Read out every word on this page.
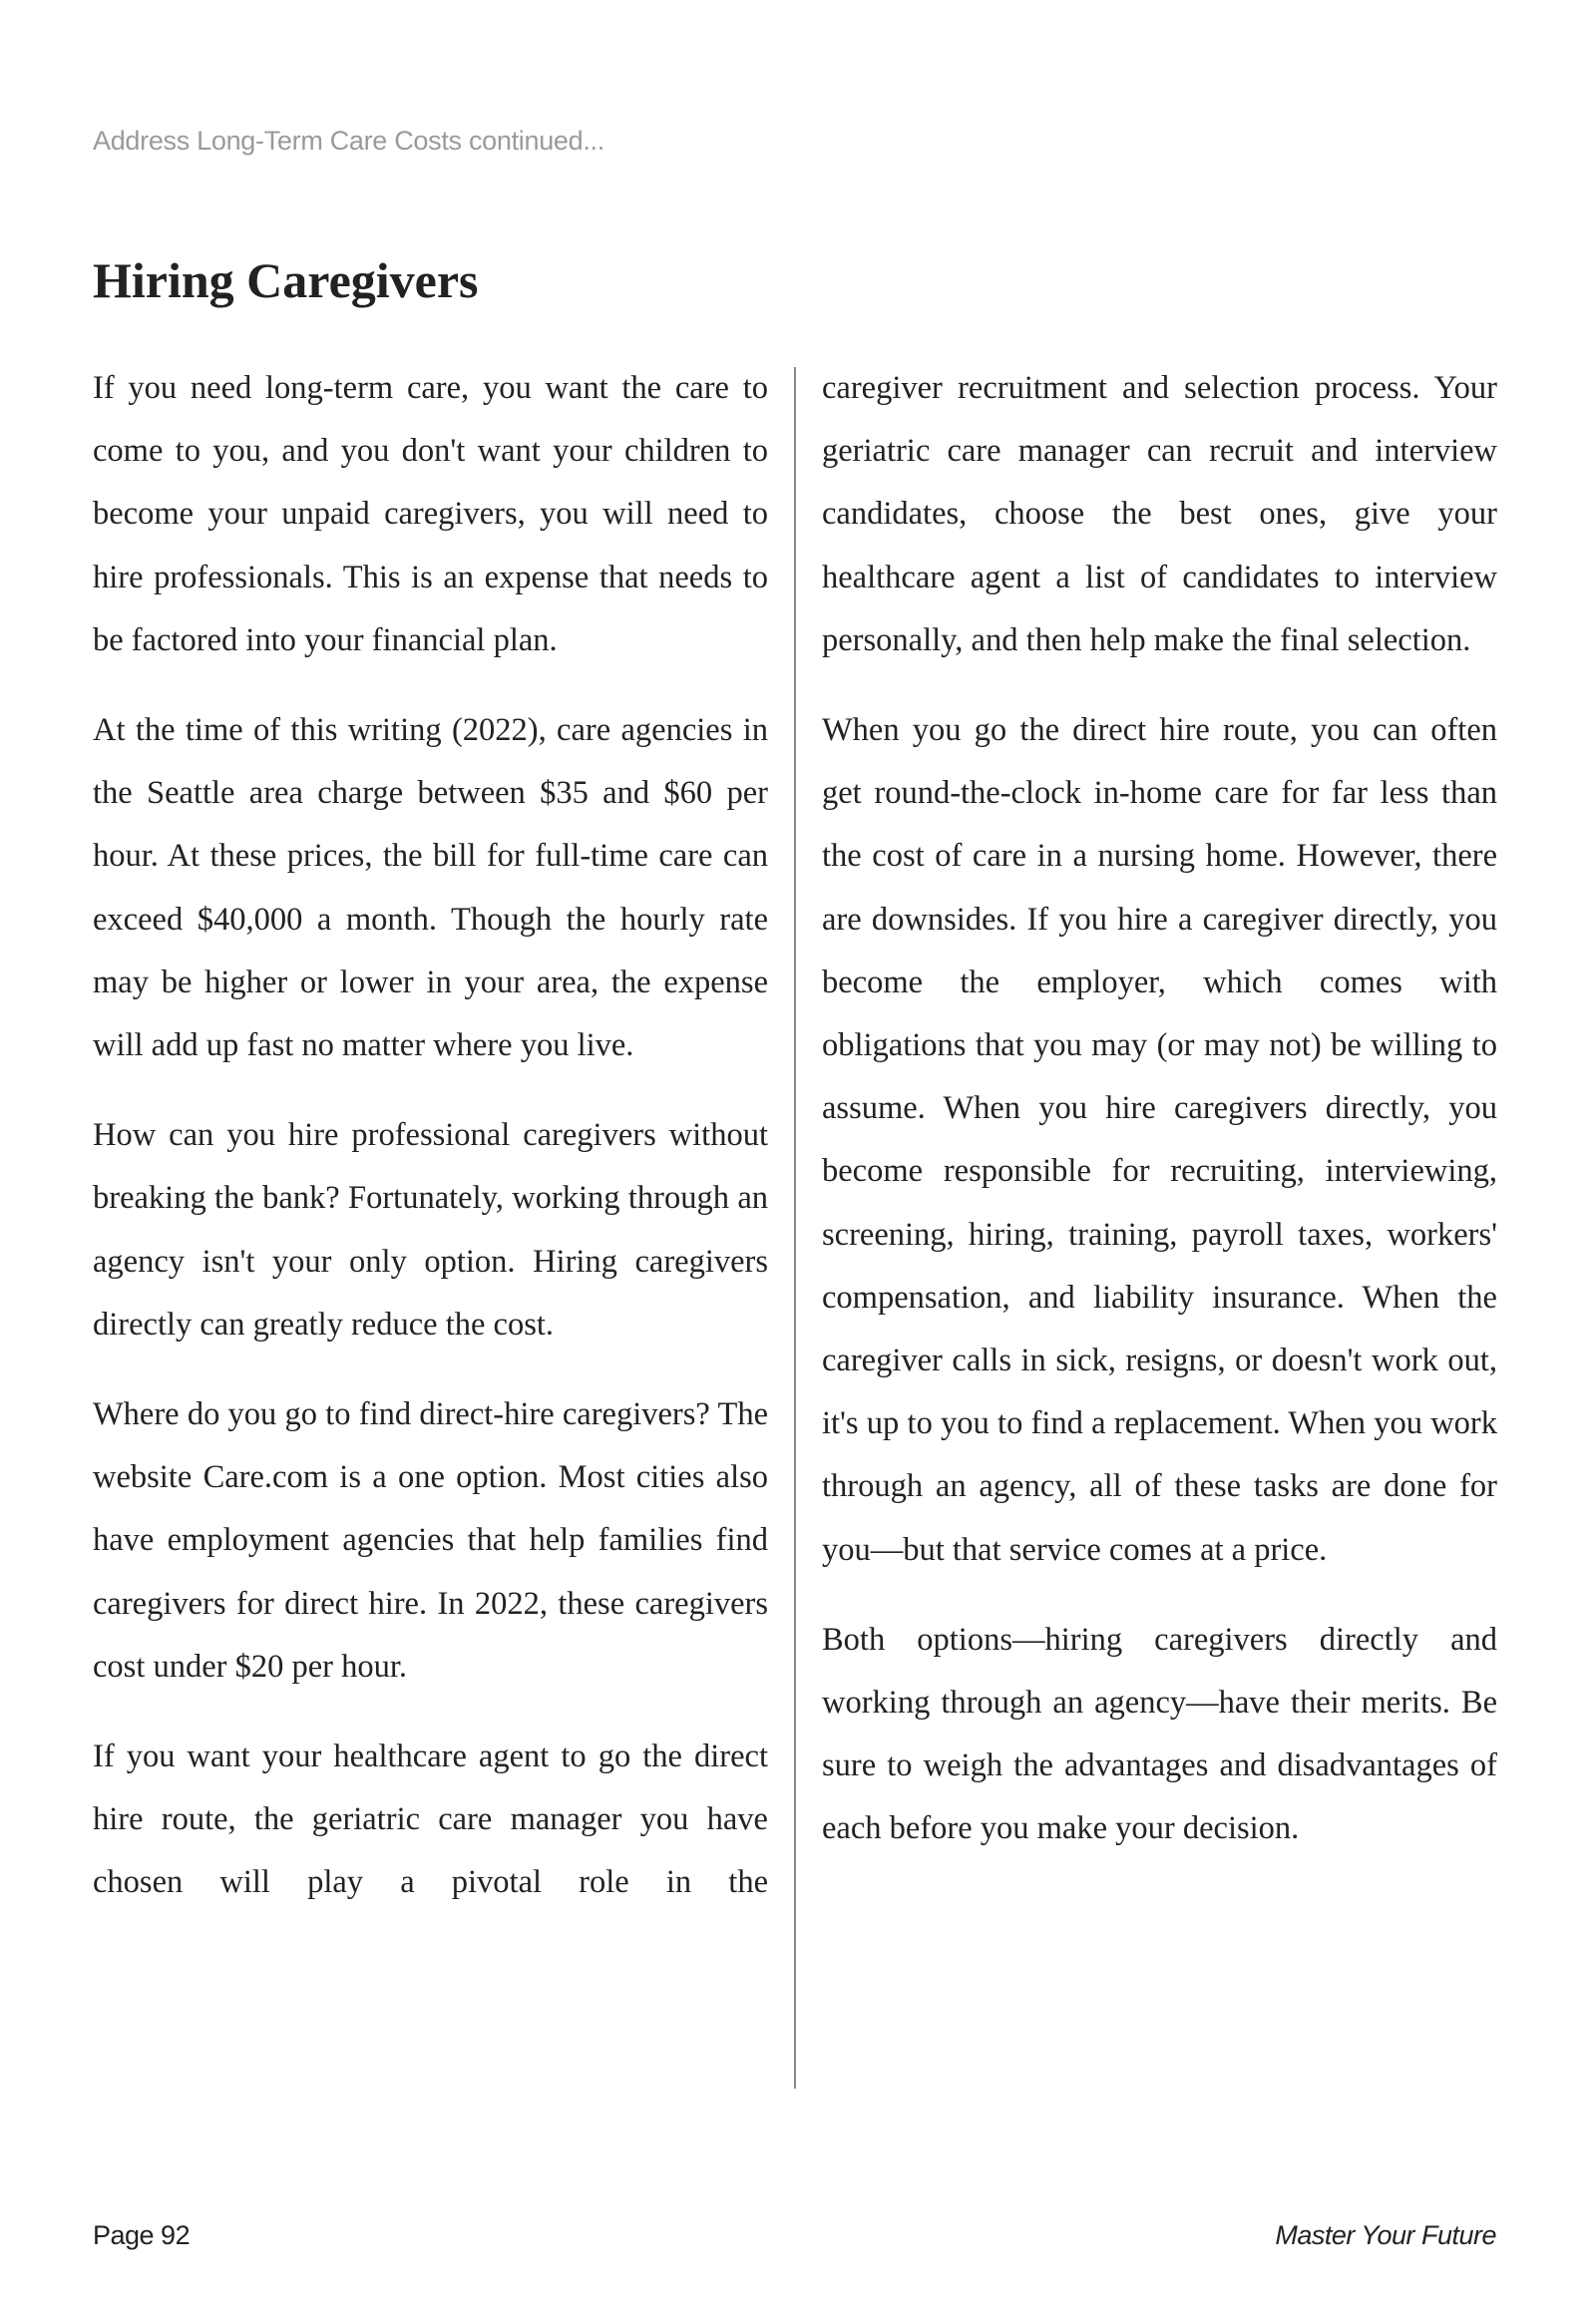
Address Long-Term Care Costs continued...
Hiring Caregivers

If you need long-term care, you want the care to come to you, and you don't want your children to become your unpaid caregivers, you will need to hire professionals. This is an expense that needs to be factored into your financial plan.

At the time of this writing (2022), care agencies in the Seattle area charge between $35 and $60 per hour. At these prices, the bill for full-time care can exceed $40,000 a month. Though the hourly rate may be higher or lower in your area, the expense will add up fast no matter where you live.

How can you hire professional caregivers without breaking the bank? Fortunately, working through an agency isn't your only option. Hiring caregivers directly can greatly reduce the cost.

Where do you go to find direct-hire caregivers? The website Care.com is a one option. Most cities also have employment agencies that help families find caregivers for direct hire. In 2022, these caregivers cost under $20 per hour.

If you want your healthcare agent to go the direct hire route, the geriatric care manager you have chosen will play a pivotal role in the

caregiver recruitment and selection process. Your geriatric care manager can recruit and interview candidates, choose the best ones, give your healthcare agent a list of candidates to interview personally, and then help make the final selection.

When you go the direct hire route, you can often get round-the-clock in-home care for far less than the cost of care in a nursing home. However, there are downsides. If you hire a caregiver directly, you become the employer, which comes with obligations that you may (or may not) be willing to assume. When you hire caregivers directly, you become responsible for recruiting, interviewing, screening, hiring, training, payroll taxes, workers' compensation, and liability insurance. When the caregiver calls in sick, resigns, or doesn't work out, it's up to you to find a replacement. When you work through an agency, all of these tasks are done for you—but that service comes at a price.

Both options—hiring caregivers directly and working through an agency—have their merits. Be sure to weigh the advantages and disadvantages of each before you make your decision.

Page 92	Master Your Future
